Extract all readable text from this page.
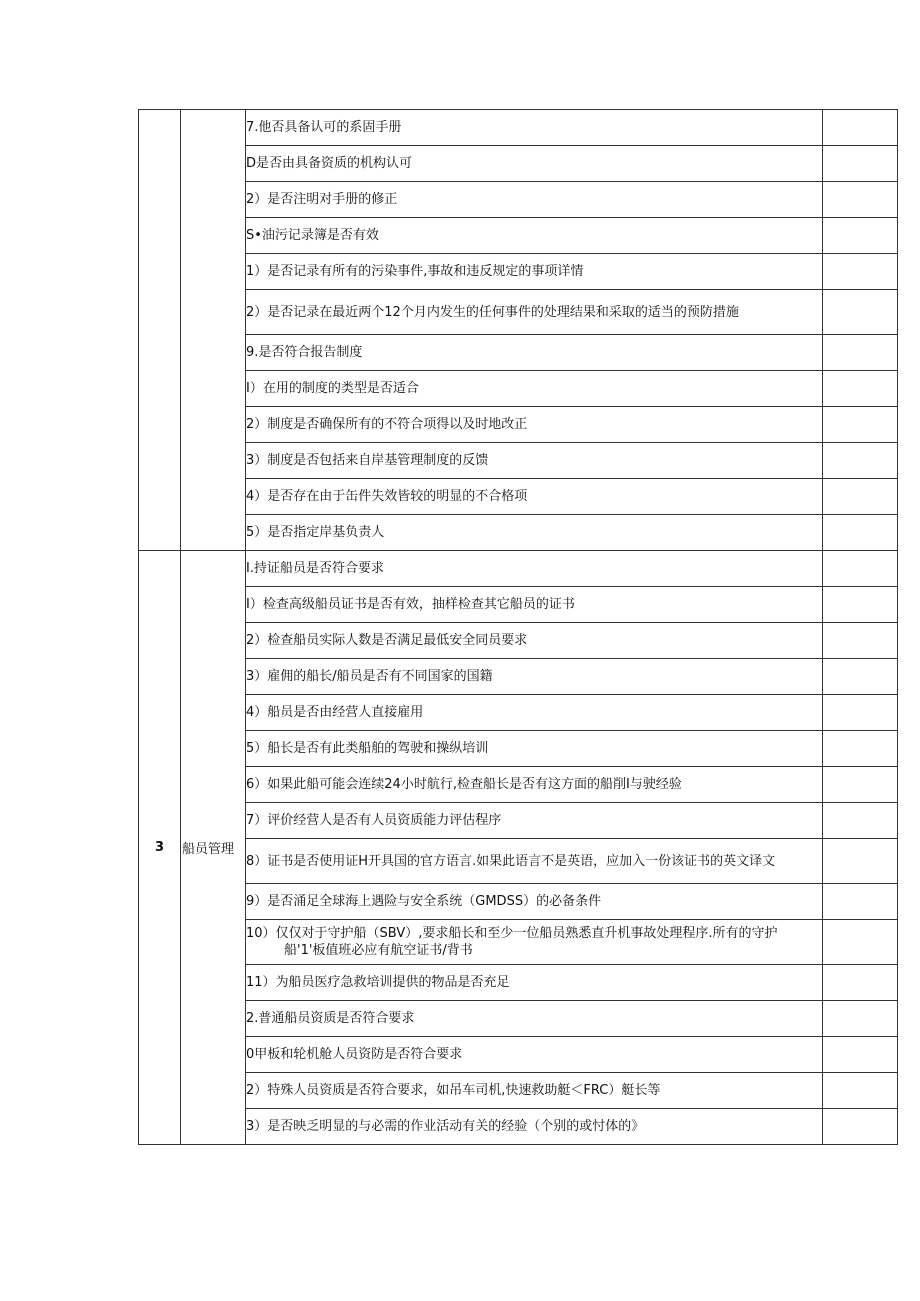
		7.他否具备认可的系固手册	

		D是否由具备资质的机构认可	

		2）是否注明对手册的修正	

		S•油污记录簿是否有效	

		1）是否记录有所有的污染事件,事故和违反规定的事项详情	

		2）是否记录在最近两个12个月内发生的任何事件的处理结果和采取的适当的预防措施	

		9.是否符合报告制度	

		I）在用的制度的类型是否适合	

		2）制度是否确保所有的不符合项得以及时地改正	

		3）制度是否包括来自岸基管理制度的反馈	

		4）是否存在由于缶件失效皆较的明显的不合格项	

		5）是否指定岸基负责人	

3	船员管理	I.持证船员是否符合要求	

		I）检查高级船员证书是否有效，抽样检查其它船员的证书	

		2）检查船员实际人数是否满足最低安全同员要求	

		3）雇佣的船长/船员是否有不同国家的国籍	

		4）船员是否由经营人直接雇用	

		5）船长是否有此类船舶的驾驶和操纵培训	

		6）如果此船可能会连续24小时航行,检查船长是否有这方面的船削I与驶经验	

		7）评价经营人是否有人员资质能力评估程序	

		8）证书是否使用证H开具国的官方语言.如果此语言不是英语，应加入一份该证书的英文译文	

		9）是否涌足全球海上遇险与安全系统（GMDSS）的必备条件	

		10）仅仅对于守护船（SBV）,要求船长和至少一位船员熟悉直升机事故处理程序.所有的守护船'1'板值班必应有航空证书/背书	

		11）为船员医疗急救培训提供的物品是否充足	

		2.普通船员资质是否符合要求	

		0甲板和轮机舱人员资防是否符合要求	

		2）特殊人员资质是否符合要求，如吊车司机,快速救助艇＜FRC）艇长等	

		3）是否映乏明显的与必需的作业活动有关的经验（个别的或忖体的》	
